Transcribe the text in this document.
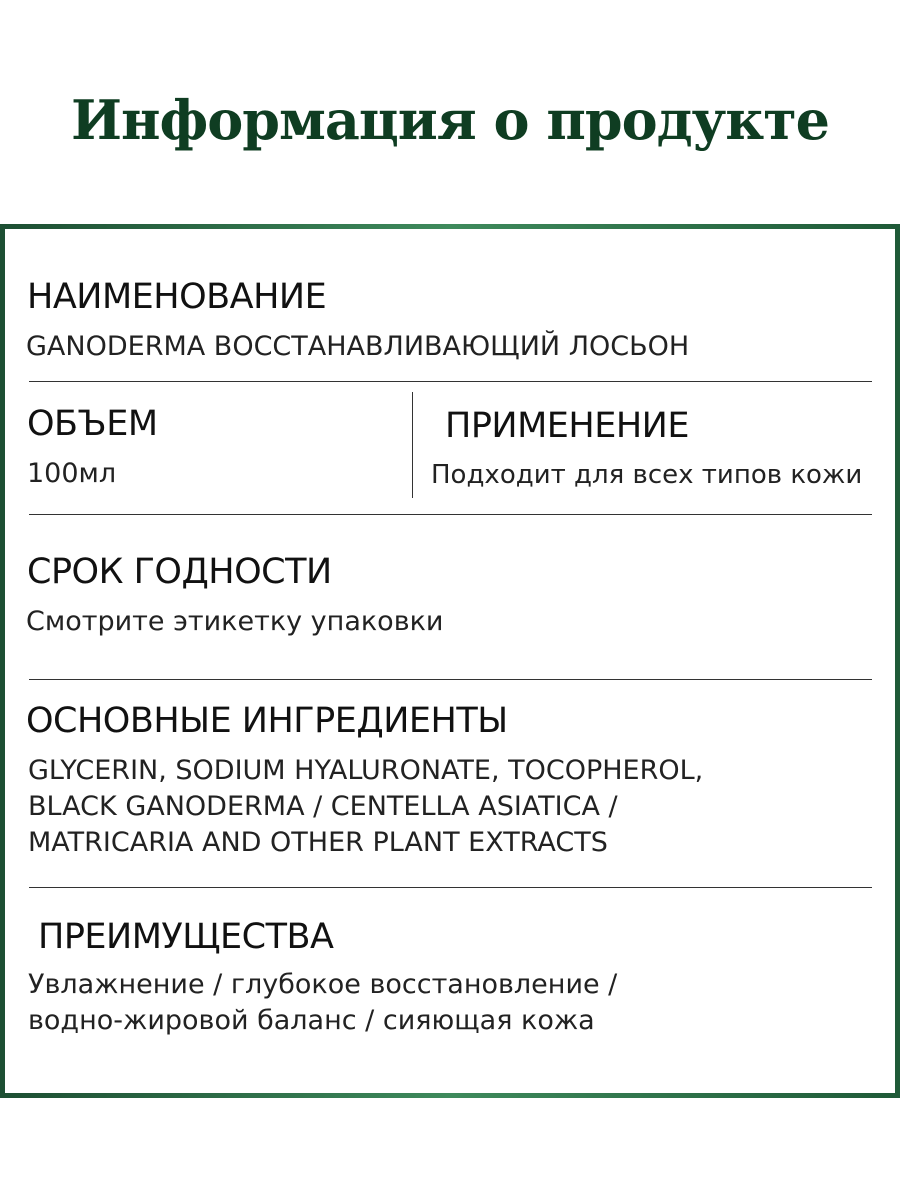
Информация о продукте
НАИМЕНОВАНИЕ
GANODERMA ВОССТАНАВЛИВАЮЩИЙ ЛОСЬОН
ОБЪЕМ
100мл
ПРИМЕНЕНИЕ
Подходит для всех типов кожи
СРОК ГОДНОСТИ
Смотрите этикетку упаковки
ОСНОВНЫЕ ИНГРЕДИЕНТЫ
GLYCERIN, SODIUM HYALURONATE, TOCOPHEROL,
BLACK GANODERMA / CENTELLA ASIATICA /
MATRICARIA AND OTHER PLANT EXTRACTS
ПРЕИМУЩЕСТВА
Увлажнение / глубокое восстановление /
водно-жировой баланс / сияющая кожа
